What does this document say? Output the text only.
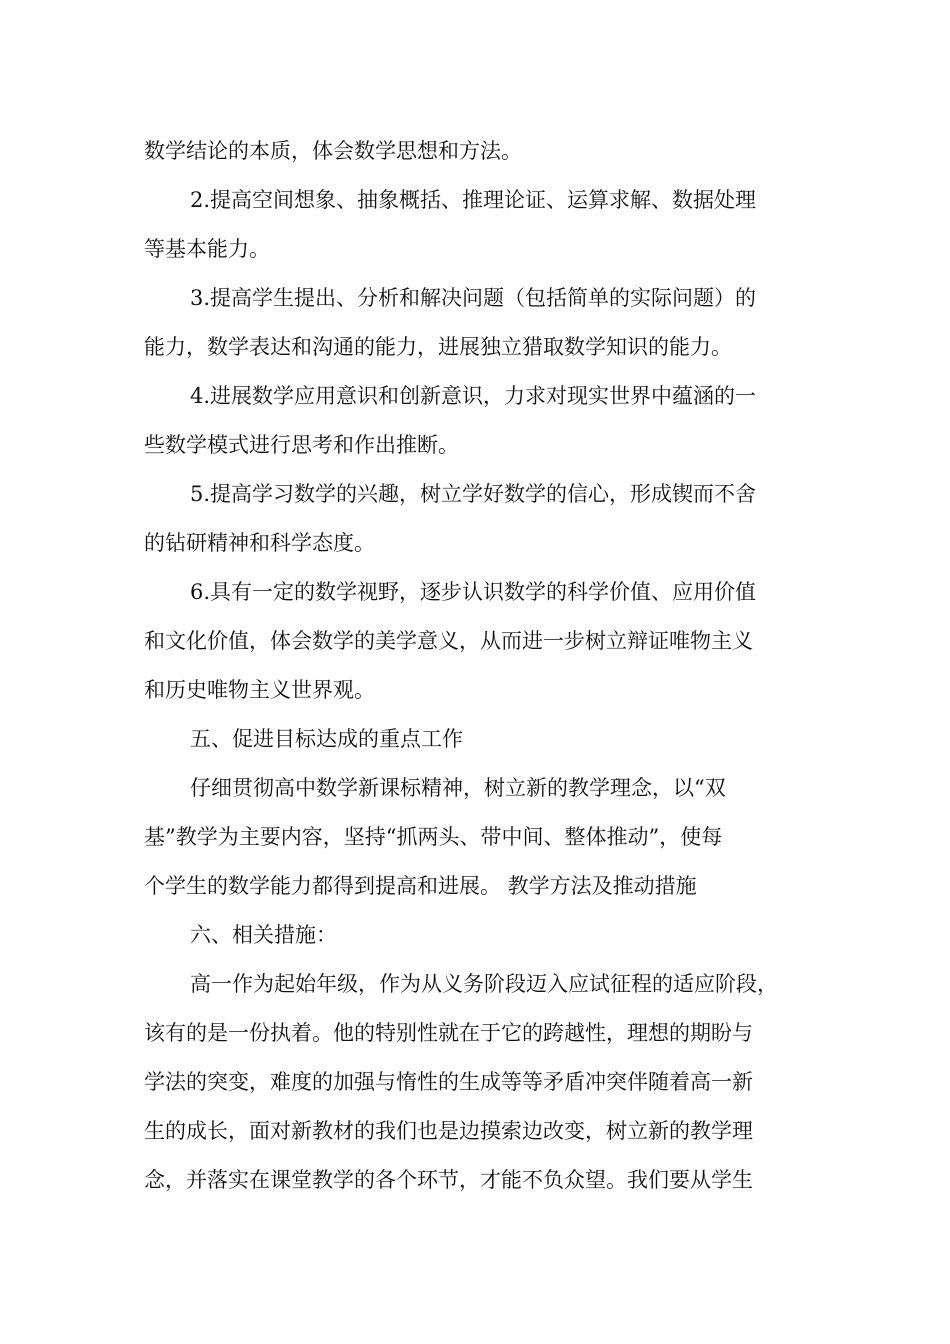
数学结论的本质，体会数学思想和方法。
2.提高空间想象、抽象概括、推理论证、运算求解、数据处理
等基本能力。
3.提高学生提出、分析和解决问题（包括简单的实际问题）的
能力，数学表达和沟通的能力，进展独立猎取数学知识的能力。
4.进展数学应用意识和创新意识，力求对现实世界中蕴涵的一
些数学模式进行思考和作出推断。
5.提高学习数学的兴趣，树立学好数学的信心，形成锲而不舍
的钻研精神和科学态度。
6.具有一定的数学视野，逐步认识数学的科学价值、应用价值
和文化价值，体会数学的美学意义，从而进一步树立辩证唯物主义
和历史唯物主义世界观。
五、促进目标达成的重点工作
仔细贯彻高中数学新课标精神，树立新的教学理念，以“双
基”教学为主要内容，坚持“抓两头、带中间、整体推动”，使每
个学生的数学能力都得到提高和进展。 教学方法及推动措施
六、相关措施：
高一作为起始年级，作为从义务阶段迈入应试征程的适应阶段，
该有的是一份执着。他的特别性就在于它的跨越性，理想的期盼与
学法的突变，难度的加强与惰性的生成等等矛盾冲突伴随着高一新
生的成长，面对新教材的我们也是边摸索边改变，树立新的教学理
念，并落实在课堂教学的各个环节，才能不负众望。我们要从学生
